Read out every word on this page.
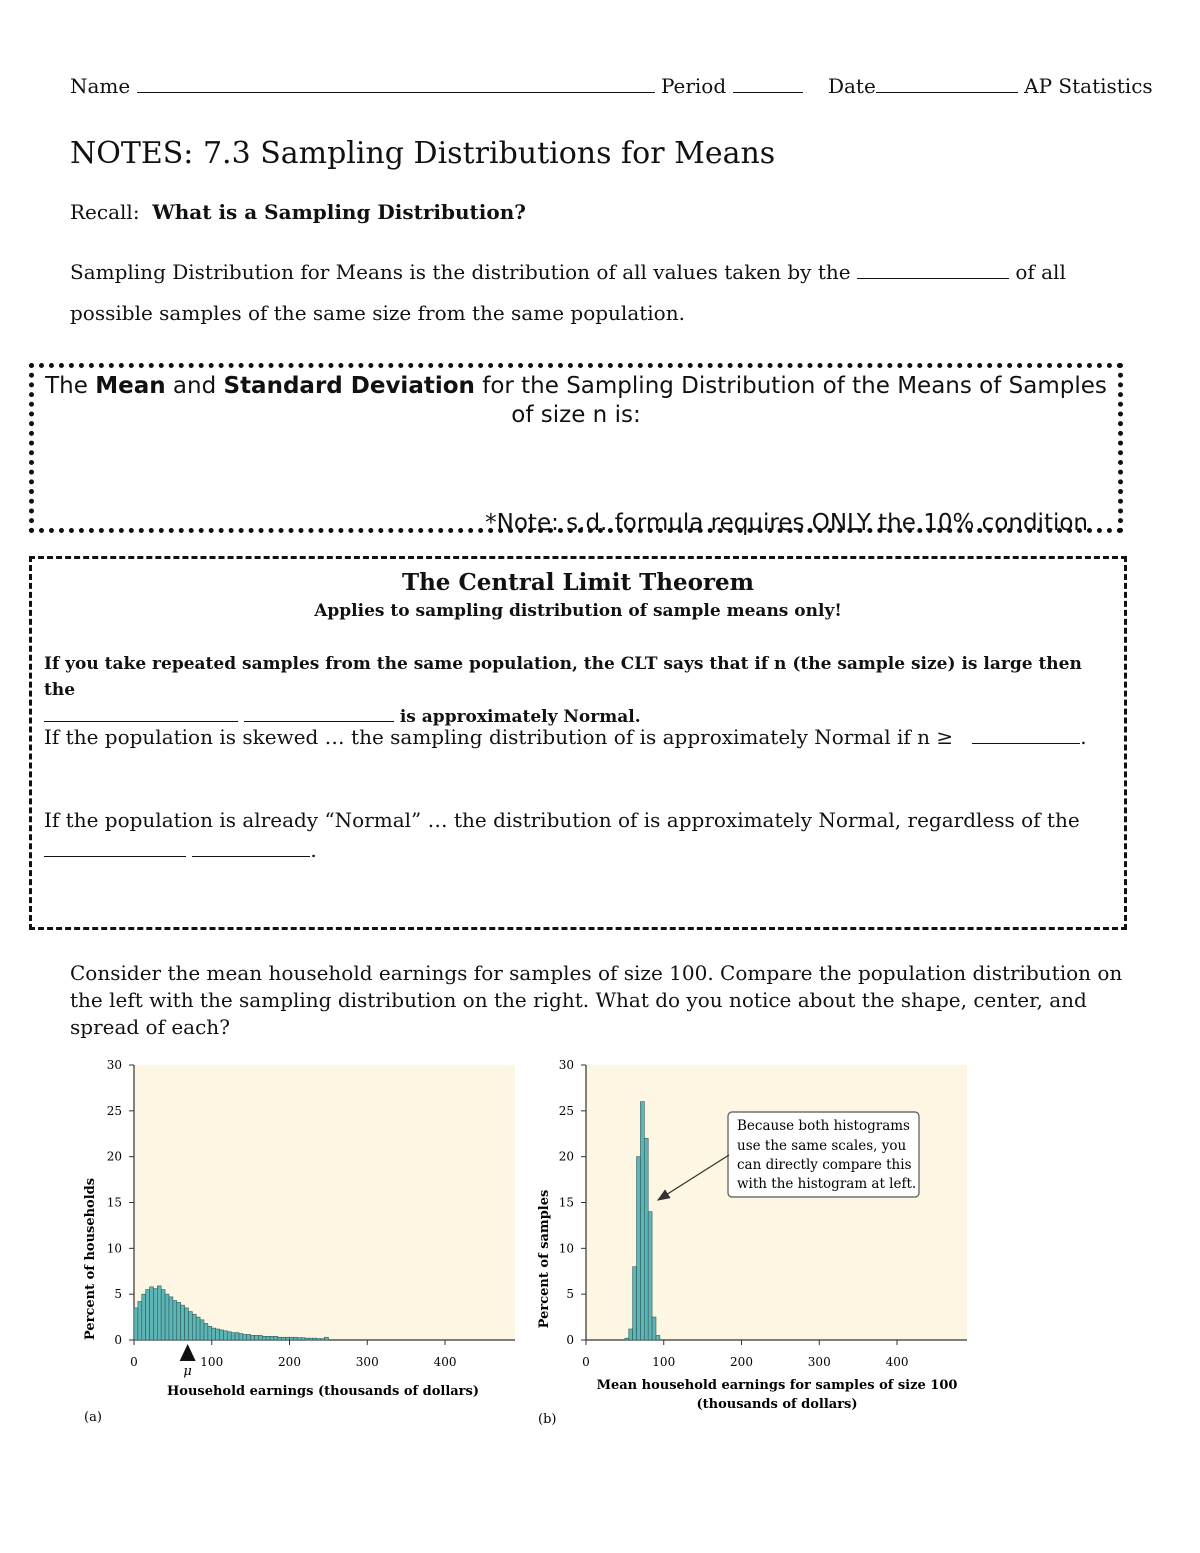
Name	Period	Date	AP Statistics
NOTES: 7.3 Sampling Distributions for Means
Recall: What is a Sampling Distribution?
Sampling Distribution for Means is the distribution of all values taken by the	of all possible samples of the same size from the same population.
The Mean and Standard Deviation for the Sampling Distribution of the Means of Samples of size n is:
*Note: s.d. formula requires ONLY the 10% condition
The Central Limit Theorem
Applies to sampling distribution of sample means only!
If you take repeated samples from the same population, the CLT says that if n (the sample size) is large then the
is approximately Normal.
If the population is skewed … the sampling distribution of is approximately Normal if n ≥	.
If the population is already “Normal” … the distribution of is approximately Normal, regardless of the
.
Consider the mean household earnings for samples of size 100. Compare the population distribution on the left with the sampling distribution on the right. What do you notice about the shape, center, and spread of each?
0
5
10
15
20
25
30
0	100	200	300	400
μ
Household earnings (thousands of dollars)
Percent of households
(a)
0
5
10
15
20
25
30
0	100	200	300	400
Mean household earnings for samples of size 100
(thousands of dollars)
Percent of samples
(b)
Because both histograms
use the same scales, you
can directly compare this
with the histogram at left.
